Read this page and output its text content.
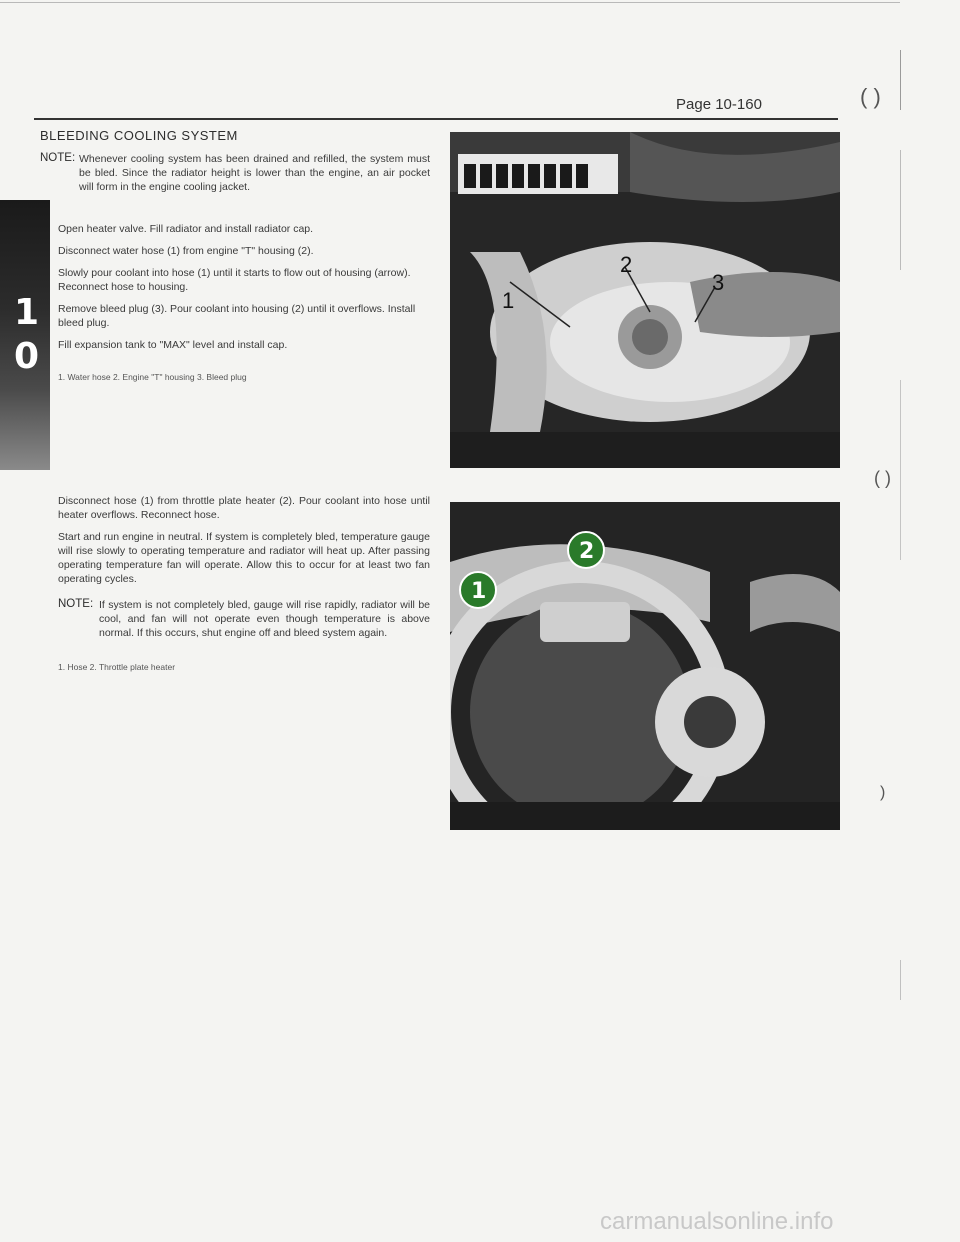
Page 10-160	( )
1
0
BLEEDING COOLING SYSTEM
NOTE: Whenever cooling system has been drained and refilled, the system must be bled. Since the radiator height is lower than the engine, an air pocket will form in the engine cooling jacket.
Open heater valve. Fill radiator and install radiator cap.
Disconnect water hose (1) from engine "T" housing (2).
Slowly pour coolant into hose (1) until it starts to flow out of housing (arrow). Reconnect hose to housing.
Remove bleed plug (3). Pour coolant into housing (2) until it overflows. Install bleed plug.
Fill expansion tank to "MAX" level and install cap.
1. Water hose 2. Engine "T" housing 3. Bleed plug
Disconnect hose (1) from throttle plate heater (2). Pour coolant into hose until heater overflows. Reconnect hose.
Start and run engine in neutral. If system is completely bled, temperature gauge will rise slowly to operating temperature and radiator will heat up. After passing operating temperature fan will operate. Allow this to occur for at least two fan operating cycles.
NOTE: If system is not completely bled, gauge will rise rapidly, radiator will be cool, and fan will not operate even though temperature is above normal. If this occurs, shut engine off and bleed system again.
1. Hose 2. Throttle plate heater
1
2
3
1
2
( )
)
carmanualsonline.info
